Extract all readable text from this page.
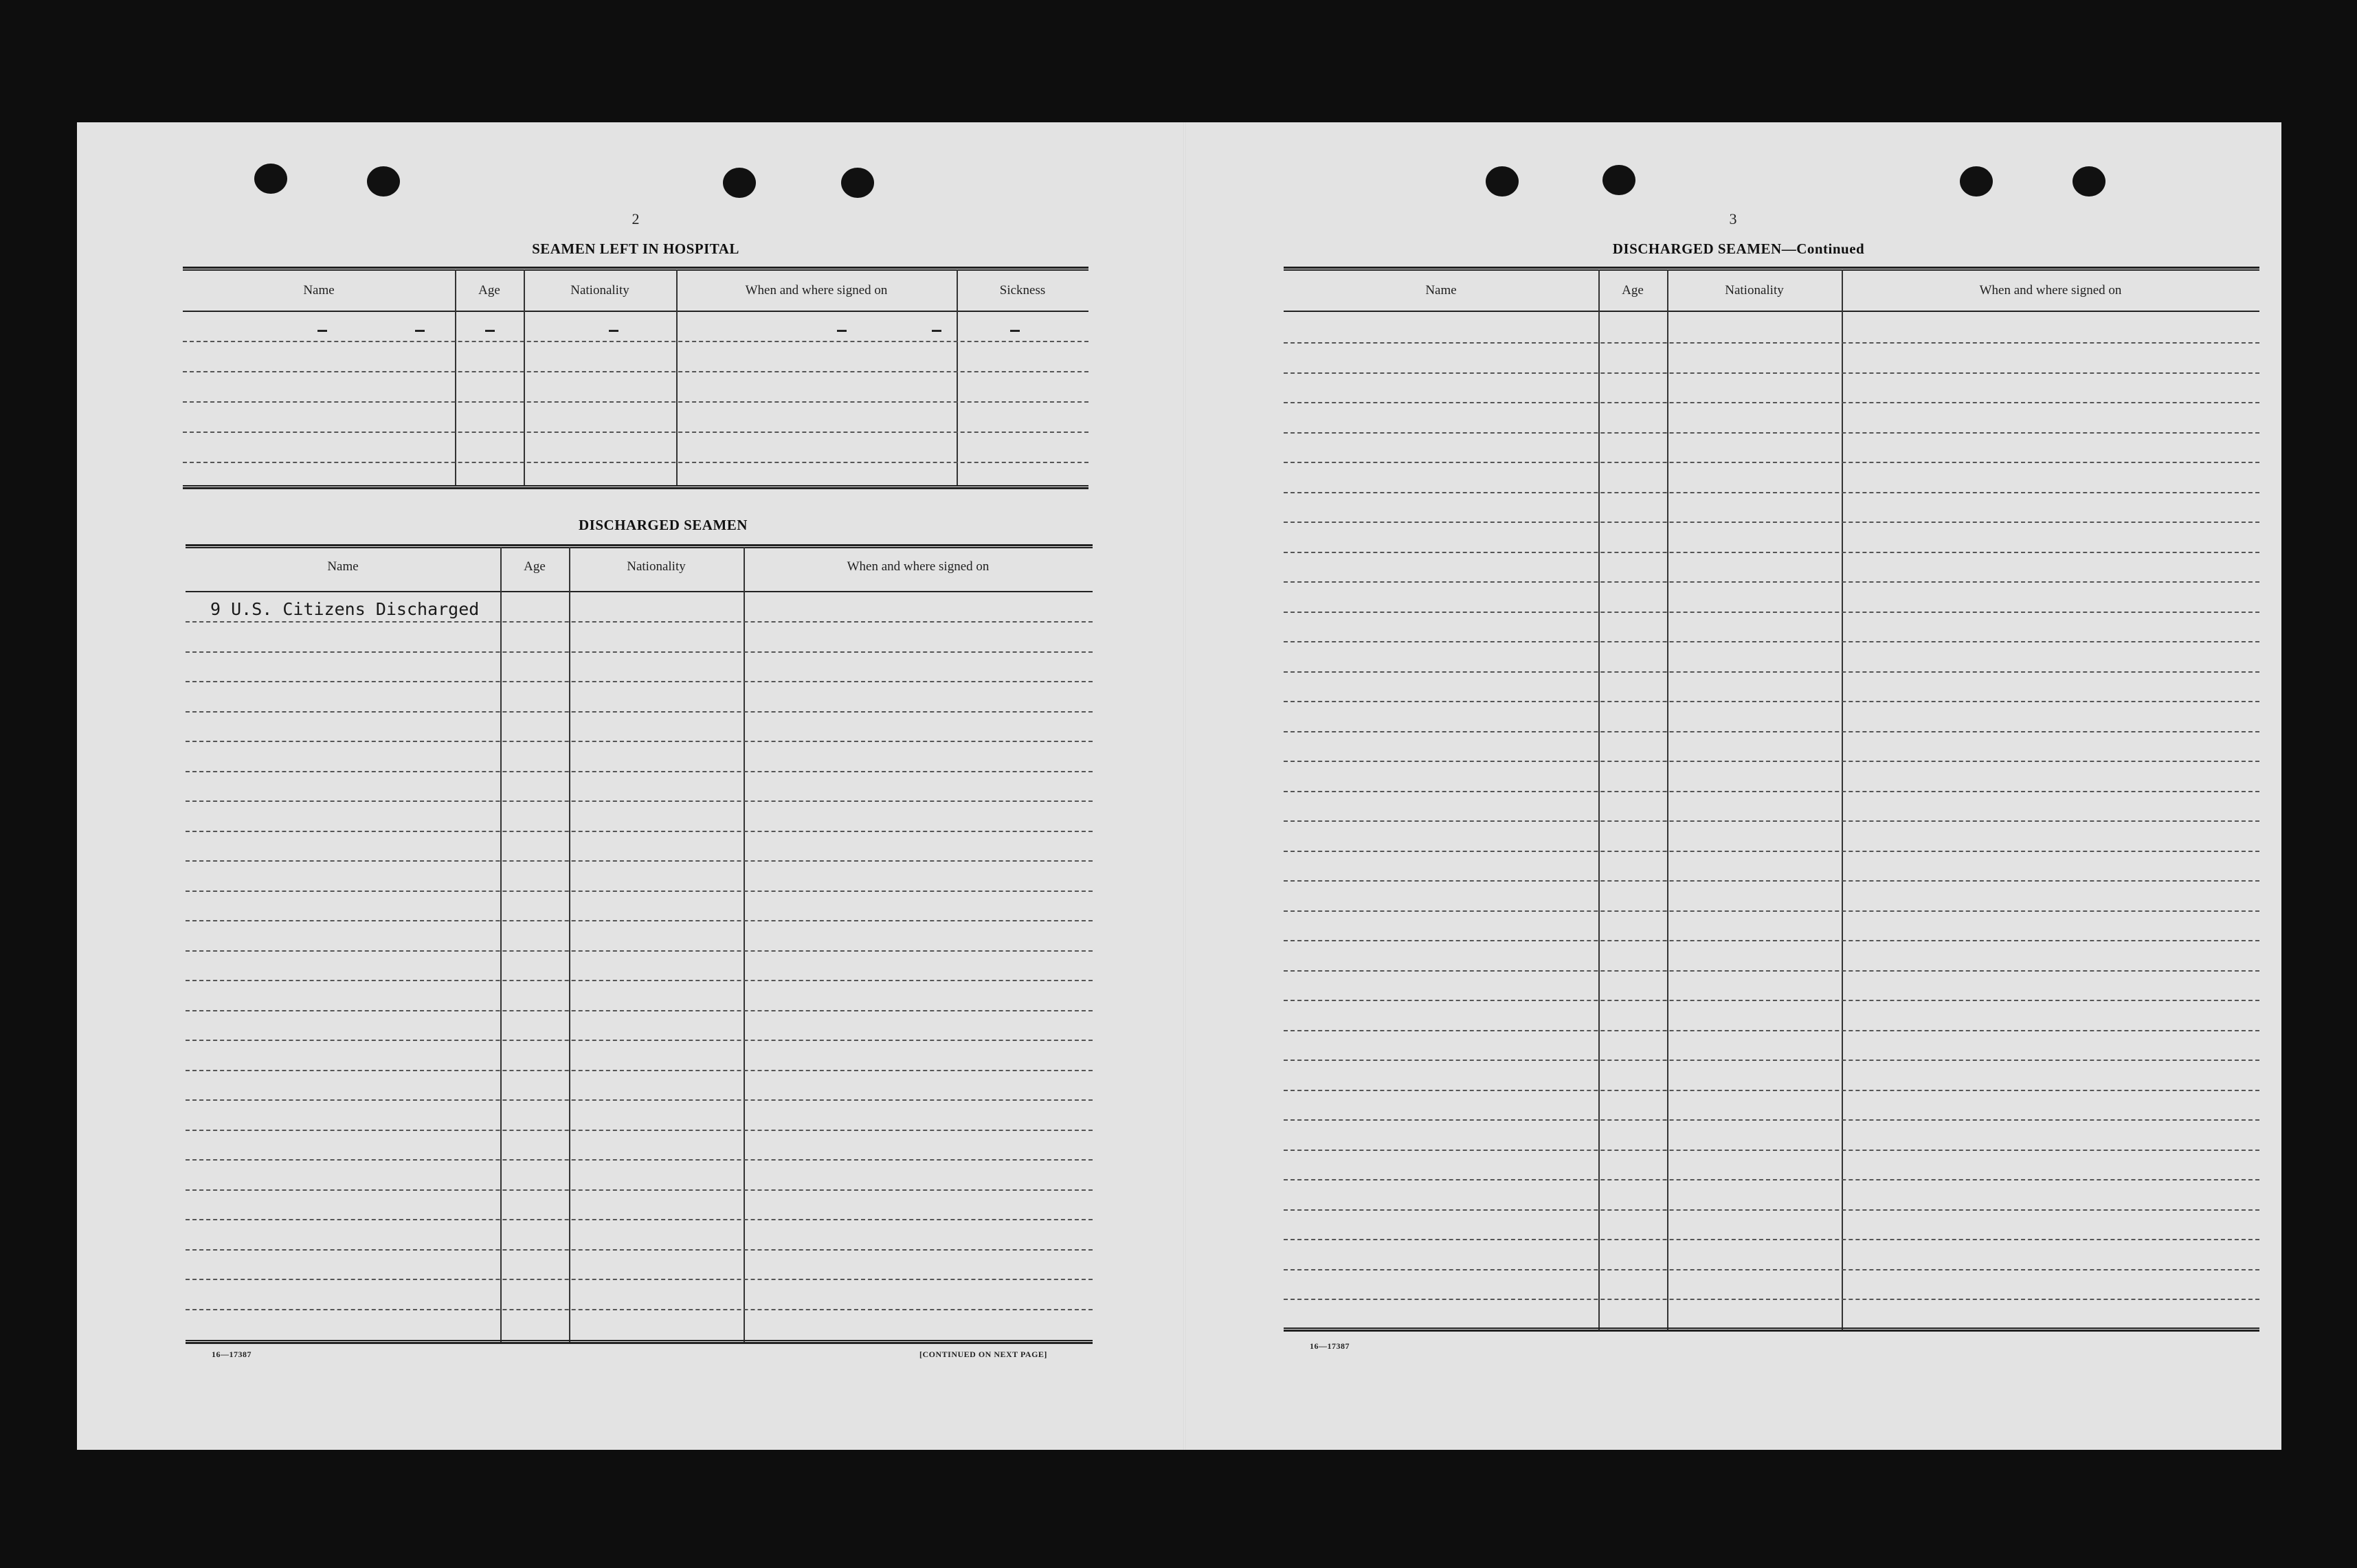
2
SEAMEN LEFT IN HOSPITAL
Name	Age	Nationality	When and where signed on	Sickness
DISCHARGED SEAMEN
Name	Age	Nationality	When and where signed on
9 U.S. Citizens Discharged
16—17387	[CONTINUED ON NEXT PAGE]
3
DISCHARGED SEAMEN—Continued
Name	Age	Nationality	When and where signed on
16—17387
